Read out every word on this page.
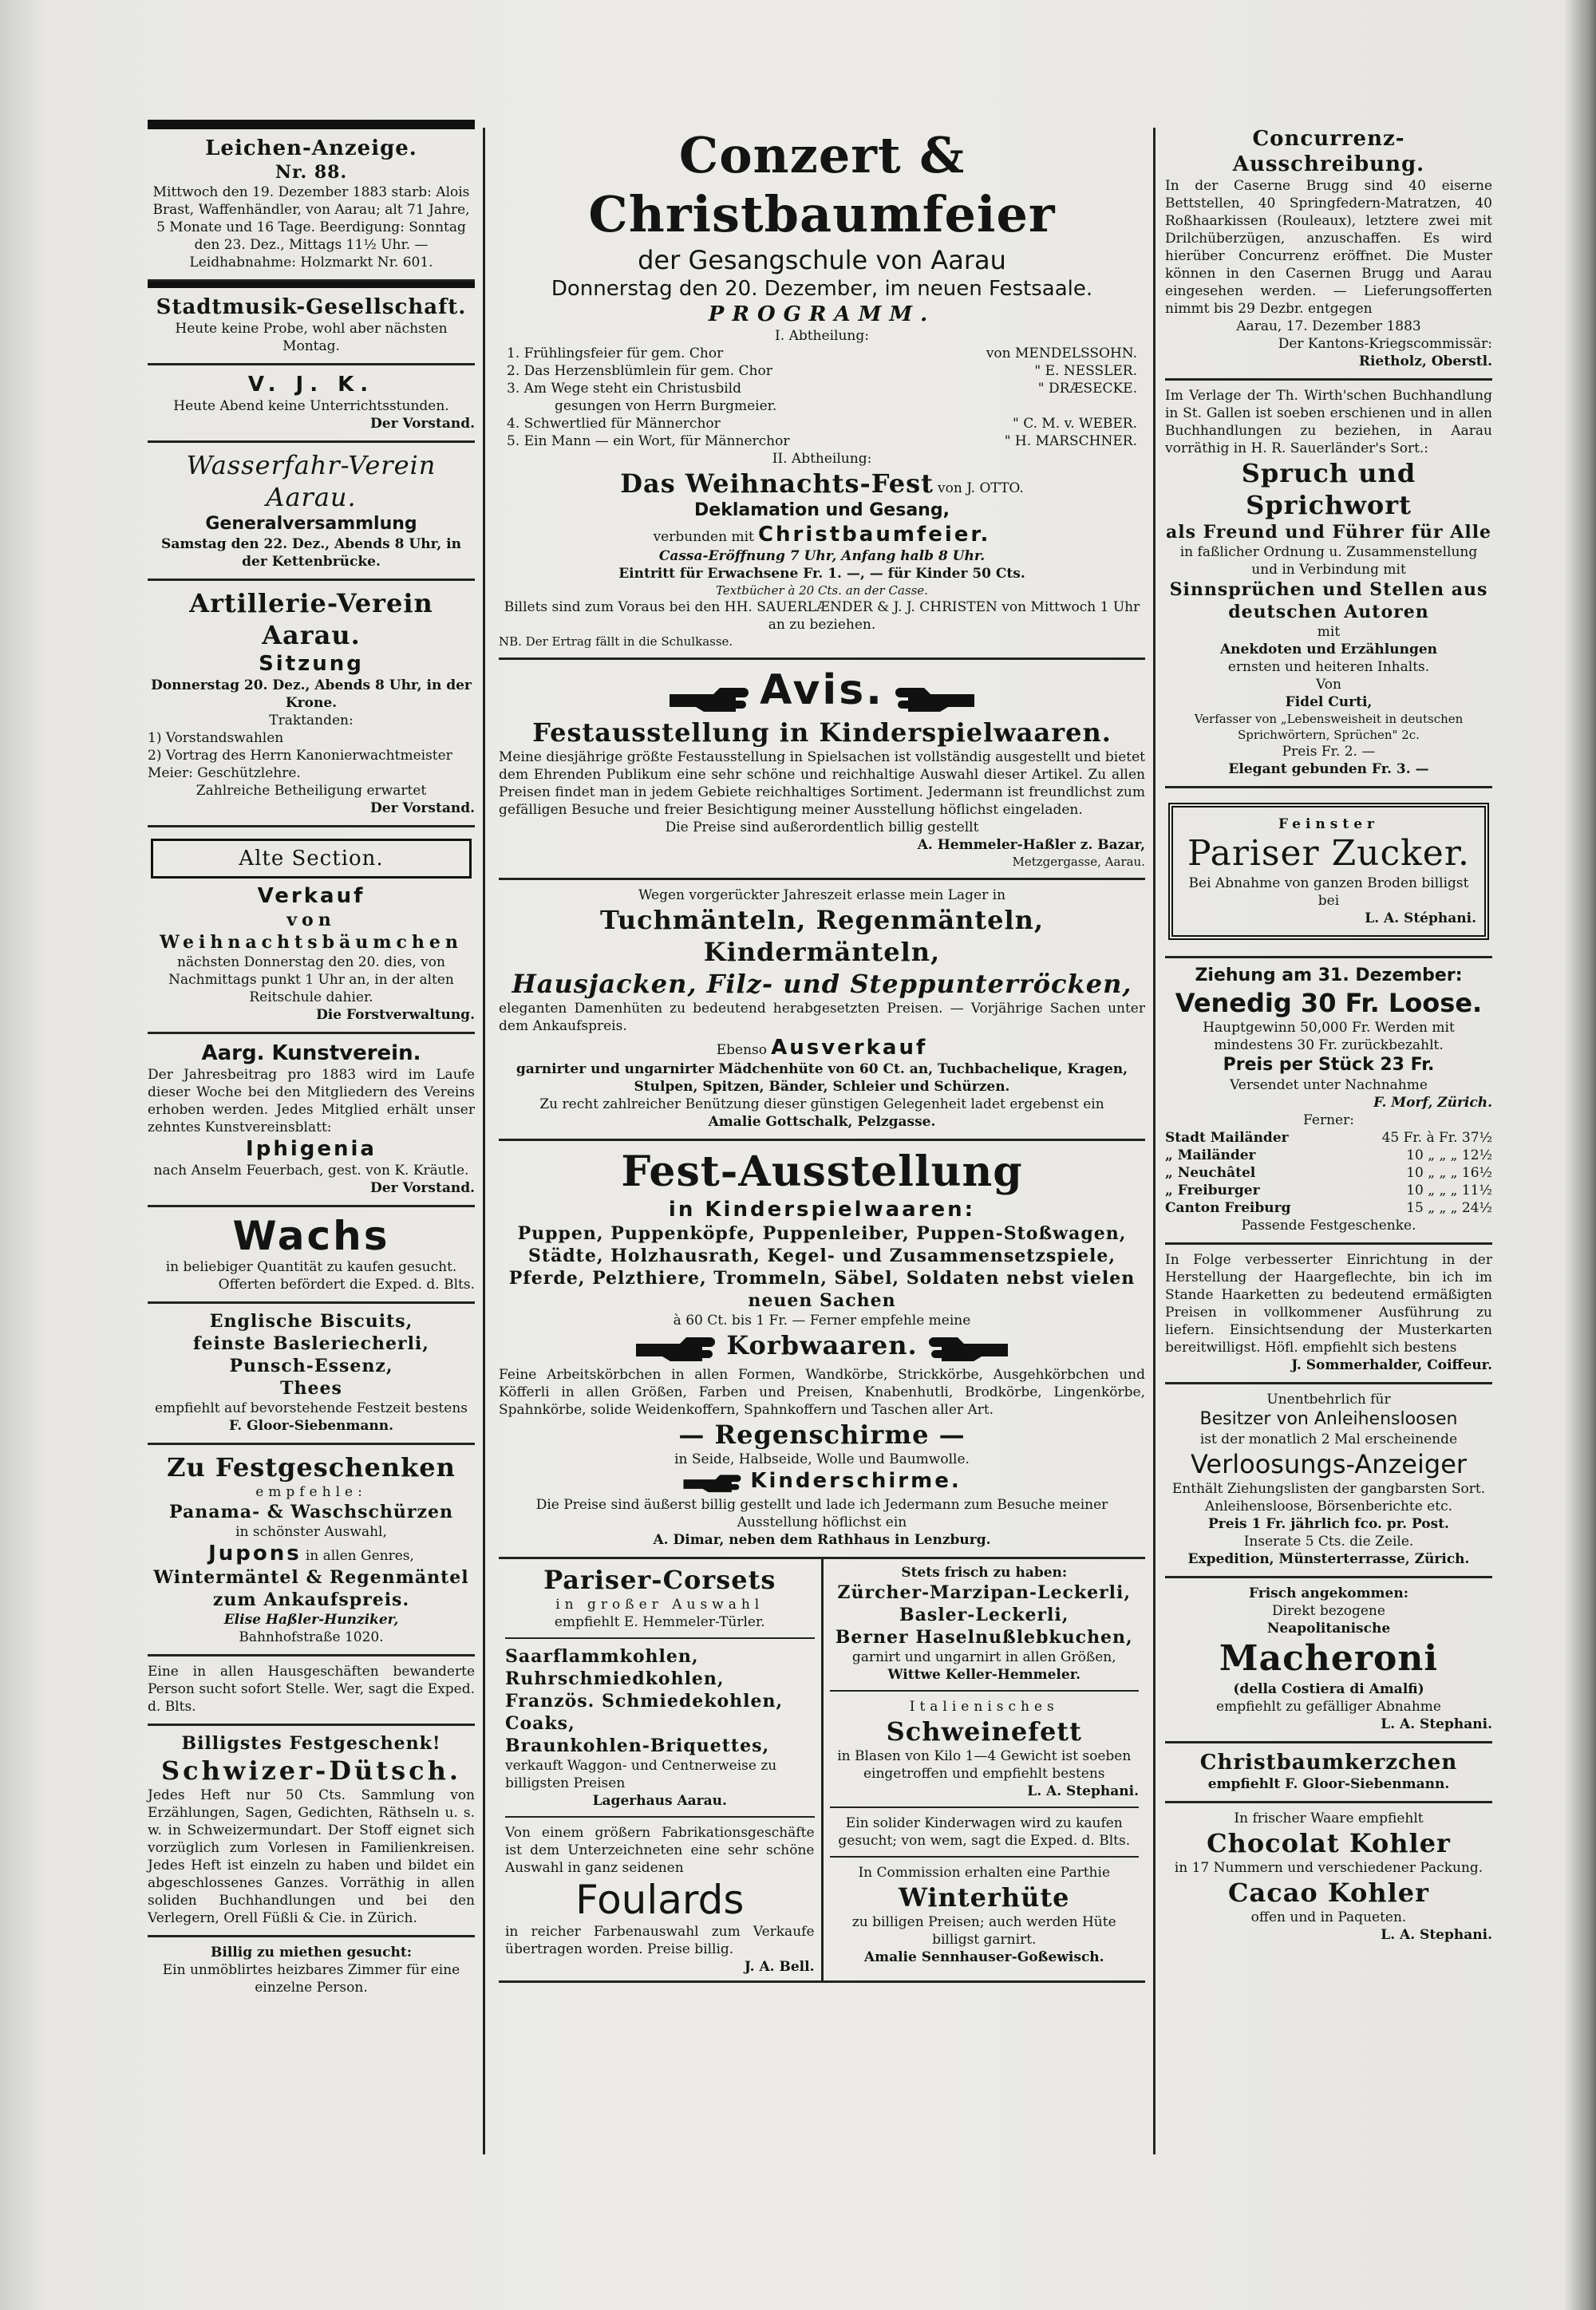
Leichen-Anzeige.
Nr. 88.
Mittwoch den 19. Dezember 1883 starb: Alois Brast, Waffenhändler, von Aarau; alt 71 Jahre, 5 Monate und 16 Tage. Beerdigung: Sonntag den 23. Dez., Mittags 11½ Uhr. — Leidhabnahme: Holzmarkt Nr. 601.
Stadtmusik-Gesellschaft.
Heute keine Probe, wohl aber nächsten Montag.
V. J. K.
Heute Abend keine Unterrichtsstunden.
Der Vorstand.
Wasserfahr-Verein Aarau.
Generalversammlung
Samstag den 22. Dez., Abends 8 Uhr, in der Kettenbrücke.
Artillerie-Verein Aarau.
Sitzung
Donnerstag 20. Dez., Abends 8 Uhr, in der Krone.
Traktanden:
1) Vorstandswahlen
2) Vortrag des Herrn Kanonierwachtmeister Meier: Geschützlehre.
Zahlreiche Betheiligung erwartet
Der Vorstand.
Alte Section.
Verkauf
von Weihnachtsbäumchen
nächsten Donnerstag den 20. dies, von Nachmittags punkt 1 Uhr an, in der alten Reitschule dahier.
Die Forstverwaltung.
Aarg. Kunstverein.
Der Jahresbeitrag pro 1883 wird im Laufe dieser Woche bei den Mitgliedern des Vereins erhoben werden. Jedes Mitglied erhält unser zehntes Kunstvereinsblatt:
Iphigenia
nach Anselm Feuerbach, gest. von K. Kräutle.
Der Vorstand.
Wachs
in beliebiger Quantität zu kaufen gesucht.
Offerten befördert die Exped. d. Blts.
Englische Biscuits,
feinste Basleriecherli,
Punsch-Essenz,
Thees
empfiehlt auf bevorstehende Festzeit bestens
F. Gloor-Siebenmann.
Zu Festgeschenken
empfehle:
Panama- & Waschschürzen
in schönster Auswahl,
Jupons in allen Genres,
Wintermäntel & Regenmäntel
zum Ankaufspreis.
Elise Haßler-Hunziker,
Bahnhofstraße 1020.
Eine in allen Hausgeschäften bewanderte Person sucht sofort Stelle. Wer, sagt die Exped. d. Blts.
Billigstes Festgeschenk!
Schwizer-Dütsch.
Jedes Heft nur 50 Cts. Sammlung von Erzählungen, Sagen, Gedichten, Räthseln u. s. w. in Schweizermundart. Der Stoff eignet sich vorzüglich zum Vorlesen in Familienkreisen. Jedes Heft ist einzeln zu haben und bildet ein abgeschlossenes Ganzes. Vorräthig in allen soliden Buchhandlungen und bei den Verlegern, Orell Füßli & Cie. in Zürich.
Billig zu miethen gesucht:
Ein unmöblirtes heizbares Zimmer für eine einzelne Person.
Conzert & Christbaumfeier
der Gesangschule von Aarau
Donnerstag den 20. Dezember, im neuen Festsaale.
PROGRAMM.
I. Abtheilung:
1. Frühlingsfeier für gem. Chor	von MENDELSSOHN.
2. Das Herzensblümlein für gem. Chor	" E. NESSLER.
3. Am Wege steht ein Christusbild	" DRÆSECKE.
gesungen von Herrn Burgmeier.
4. Schwertlied für Männerchor	" C. M. v. WEBER.
5. Ein Mann — ein Wort, für Männerchor	" H. MARSCHNER.
II. Abtheilung:
Das Weihnachts-Fest von J. OTTO.
Deklamation und Gesang,
verbunden mit Christbaumfeier.
Cassa-Eröffnung 7 Uhr, Anfang halb 8 Uhr.
Eintritt für Erwachsene Fr. 1. —, — für Kinder 50 Cts.
Textbücher à 20 Cts. an der Casse.
Billets sind zum Voraus bei den HH. SAUERLÆNDER & J. J. CHRISTEN von Mittwoch 1 Uhr an zu beziehen.
NB. Der Ertrag fällt in die Schulkasse.
Avis.
Festausstellung in Kinderspielwaaren.
Meine diesjährige größte Festausstellung in Spielsachen ist vollständig ausgestellt und bietet dem Ehrenden Publikum eine sehr schöne und reichhaltige Auswahl dieser Artikel. Zu allen Preisen findet man in jedem Gebiete reichhaltiges Sortiment. Jedermann ist freundlichst zum gefälligen Besuche und freier Besichtigung meiner Ausstellung höflichst eingeladen.
Die Preise sind außerordentlich billig gestellt
A. Hemmeler-Haßler z. Bazar,
Metzgergasse, Aarau.
Wegen vorgerückter Jahreszeit erlasse mein Lager in
Tuchmänteln, Regenmänteln, Kindermänteln,
Hausjacken, Filz- und Steppunterröcken,
eleganten Damenhüten zu bedeutend herabgesetzten Preisen. — Vorjährige Sachen unter dem Ankaufspreis.
Ebenso Ausverkauf
garnirter und ungarnirter Mädchenhüte von 60 Ct. an, Tuchbachelique, Kragen, Stulpen, Spitzen, Bänder, Schleier und Schürzen.
Zu recht zahlreicher Benützung dieser günstigen Gelegenheit ladet ergebenst ein
Amalie Gottschalk, Pelzgasse.
Fest-Ausstellung
in Kinderspielwaaren:
Puppen, Puppenköpfe, Puppenleiber, Puppen-Stoßwagen, Städte, Holzhausrath, Kegel- und Zusammensetzspiele, Pferde, Pelzthiere, Trommeln, Säbel, Soldaten nebst vielen neuen Sachen
à 60 Ct. bis 1 Fr. — Ferner empfehle meine
Korbwaaren.
Feine Arbeitskörbchen in allen Formen, Wandkörbe, Strickkörbe, Ausgehkörbchen und Köfferli in allen Größen, Farben und Preisen, Knabenhutli, Brodkörbe, Lingenkörbe, Spahnkörbe, solide Weidenkoffern, Spahnkoffern und Taschen aller Art.
— Regenschirme —
in Seide, Halbseide, Wolle und Baumwolle.
Kinderschirme.
Die Preise sind äußerst billig gestellt und lade ich Jedermann zum Besuche meiner Ausstellung höflichst ein
A. Dimar, neben dem Rathhaus in Lenzburg.
Pariser-Corsets
in großer Auswahl
empfiehlt E. Hemmeler-Türler.
Saarflammkohlen,
Ruhrschmiedkohlen,
Französ. Schmiedekohlen,
Coaks,
Braunkohlen-Briquettes,
verkauft Waggon- und Centnerweise zu billigsten Preisen
Lagerhaus Aarau.
Von einem größern Fabrikationsgeschäfte ist dem Unterzeichneten eine sehr schöne Auswahl in ganz seidenen
Foulards
in reicher Farbenauswahl zum Verkaufe übertragen worden. Preise billig.
J. A. Bell.
Stets frisch zu haben:
Zürcher-Marzipan-Leckerli,
Basler-Leckerli,
Berner Haselnußlebkuchen,
garnirt und ungarnirt in allen Größen,
Wittwe Keller-Hemmeler.
Italienisches
Schweinefett
in Blasen von Kilo 1—4 Gewicht ist soeben eingetroffen und empfiehlt bestens
L. A. Stephani.
Ein solider Kinderwagen wird zu kaufen gesucht; von wem, sagt die Exped. d. Blts.
In Commission erhalten eine Parthie
Winterhüte
zu billigen Preisen; auch werden Hüte billigst garnirt.
Amalie Sennhauser-Goßewisch.
Concurrenz-Ausschreibung.
In der Caserne Brugg sind 40 eiserne Bettstellen, 40 Springfedern-Matratzen, 40 Roßhaarkissen (Rouleaux), letztere zwei mit Drilchüberzügen, anzuschaffen. Es wird hierüber Concurrenz eröffnet. Die Muster können in den Casernen Brugg und Aarau eingesehen werden. — Lieferungsofferten nimmt bis 29 Dezbr. entgegen
Aarau, 17. Dezember 1883
Der Kantons-Kriegscommissär:
Rietholz, Oberstl.
Im Verlage der Th. Wirth'schen Buchhandlung in St. Gallen ist soeben erschienen und in allen Buchhandlungen zu beziehen, in Aarau vorräthig in H. R. Sauerländer's Sort.:
Spruch und Sprichwort
als Freund und Führer für Alle
in faßlicher Ordnung u. Zusammenstellung und in Verbindung mit
Sinnsprüchen und Stellen aus deutschen Autoren
mit
Anekdoten und Erzählungen
ernsten und heiteren Inhalts.
Von
Fidel Curti,
Verfasser von „Lebensweisheit in deutschen Sprichwörtern, Sprüchen" 2c.
Preis Fr. 2. —
Elegant gebunden Fr. 3. —
Feinster
Pariser Zucker.
Bei Abnahme von ganzen Broden billigst bei
L. A. Stéphani.
Ziehung am 31. Dezember:
Venedig 30 Fr. Loose.
Hauptgewinn 50,000 Fr. Werden mit mindestens 30 Fr. zurückbezahlt.
Preis per Stück 23 Fr.
Versendet unter Nachnahme
F. Morf, Zürich.
Ferner:
Stadt Mailänder	45 Fr. à Fr. 37½
„ Mailänder	10 „ „ „ 12½
„ Neuchâtel	10 „ „ „ 16½
„ Freiburger	10 „ „ „ 11½
Canton Freiburg	15 „ „ „ 24½
Passende Festgeschenke.
In Folge verbesserter Einrichtung in der Herstellung der Haargeflechte, bin ich im Stande Haarketten zu bedeutend ermäßigten Preisen in vollkommener Ausführung zu liefern. Einsichtsendung der Musterkarten bereitwilligst. Höfl. empfiehlt sich bestens
J. Sommerhalder, Coiffeur.
Unentbehrlich für
Besitzer von Anleihensloosen
ist der monatlich 2 Mal erscheinende
Verloosungs-Anzeiger
Enthält Ziehungslisten der gangbarsten Sort. Anleihensloose, Börsenberichte etc.
Preis 1 Fr. jährlich fco. pr. Post.
Inserate 5 Cts. die Zeile.
Expedition, Münsterterrasse, Zürich.
Frisch angekommen:
Direkt bezogene
Neapolitanische
Macheroni
(della Costiera di Amalfi)
empfiehlt zu gefälliger Abnahme
L. A. Stephani.
Christbaumkerzchen
empfiehlt F. Gloor-Siebenmann.
In frischer Waare empfiehlt
Chocolat Kohler
in 17 Nummern und verschiedener Packung.
Cacao Kohler
offen und in Paqueten.
L. A. Stephani.
